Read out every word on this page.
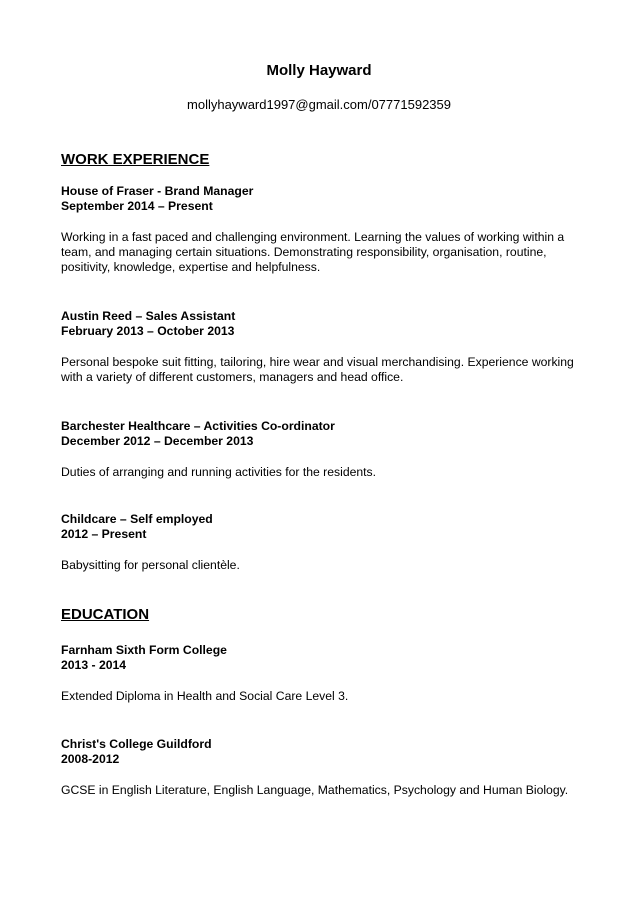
Molly Hayward
mollyhayward1997@gmail.com/07771592359
WORK EXPERIENCE
House of Fraser - Brand Manager
September 2014 – Present
Working in a fast paced and challenging environment. Learning the values of working within a team, and managing certain situations. Demonstrating responsibility, organisation, routine, positivity, knowledge, expertise and helpfulness.
Austin Reed – Sales Assistant
February 2013 – October 2013
Personal bespoke suit fitting, tailoring, hire wear and visual merchandising. Experience working with a variety of different customers, managers and head office.
Barchester Healthcare – Activities Co-ordinator
December 2012 – December 2013
Duties of arranging and running activities for the residents.
Childcare – Self employed
2012 – Present
Babysitting for personal clientèle.
EDUCATION
Farnham Sixth Form College
2013 - 2014
Extended Diploma in Health and Social Care Level 3.
Christ's College Guildford
2008-2012
GCSE in English Literature, English Language, Mathematics, Psychology and Human Biology.
